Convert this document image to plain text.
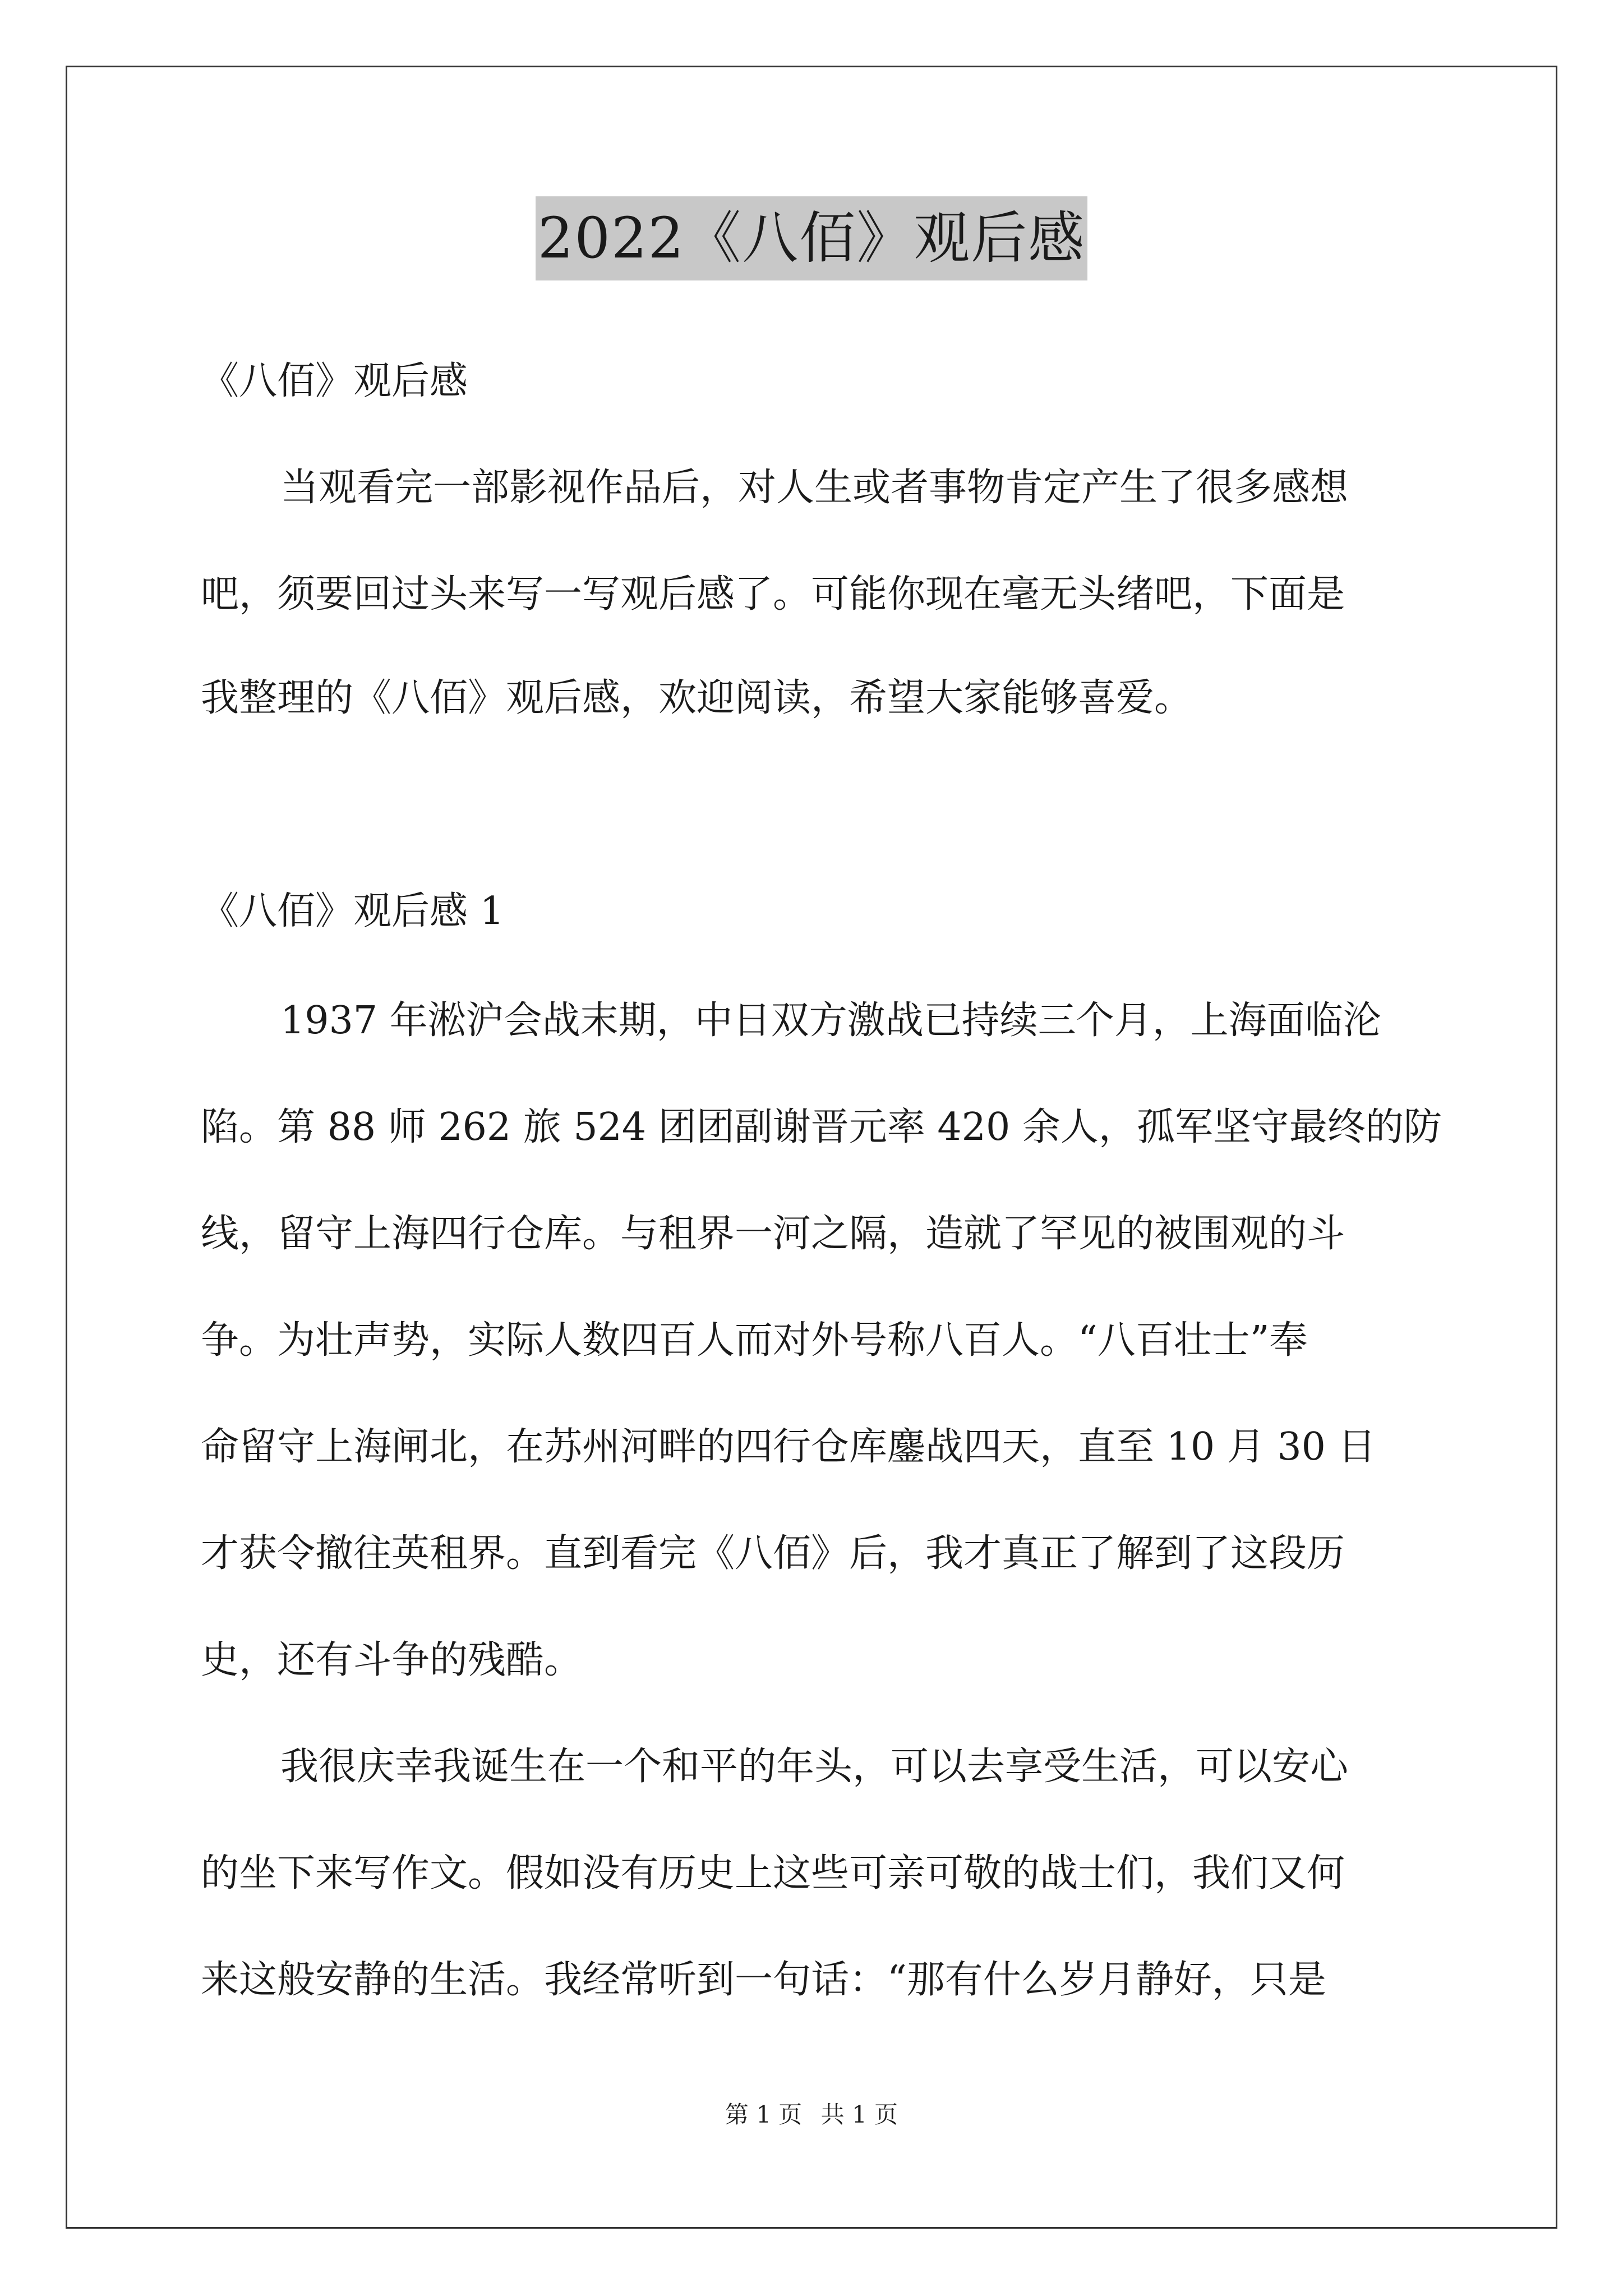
2022《八佰》观后感
《八佰》观后感
当观看完一部影视作品后，对人生或者事物肯定产生了很多感想
吧，须要回过头来写一写观后感了。可能你现在毫无头绪吧，下面是
我整理的《八佰》观后感，欢迎阅读，希望大家能够喜爱。
《八佰》观后感 1
1937 年淞沪会战末期，中日双方激战已持续三个月，上海面临沦
陷。第 88 师 262 旅 524 团团副谢晋元率 420 余人，孤军坚守最终的防
线，留守上海四行仓库。与租界一河之隔，造就了罕见的被围观的斗
争。为壮声势，实际人数四百人而对外号称八百人。“八百壮士”奉
命留守上海闸北，在苏州河畔的四行仓库鏖战四天，直至 10 月 30 日
才获令撤往英租界。直到看完《八佰》后，我才真正了解到了这段历
史，还有斗争的残酷。
我很庆幸我诞生在一个和平的年头，可以去享受生活，可以安心
的坐下来写作文。假如没有历史上这些可亲可敬的战士们，我们又何
来这般安静的生活。我经常听到一句话：“那有什么岁月静好，只是
第 1 页 共 1 页
